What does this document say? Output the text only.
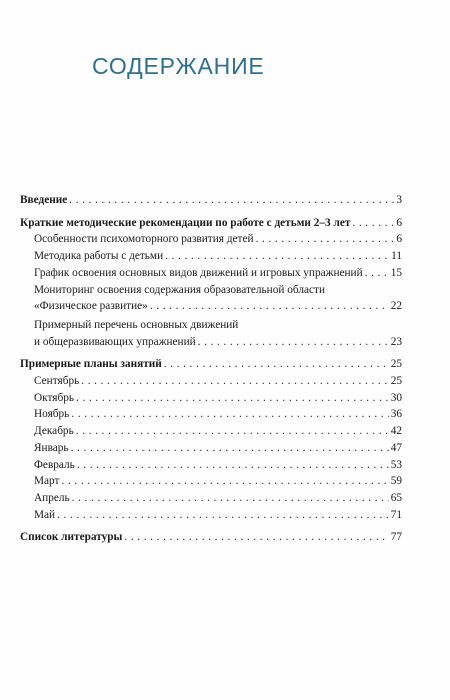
СОДЕРЖАНИЕ
Введение . . .	3
Краткие методические рекомендации по работе с детьми 2–3 лет . . .	6
Особенности психомоторного развития детей . . .	6
Методика работы с детьми . . .	11
График освоения основных видов движений и игровых упражнений . . . 15
Мониторинг освоения содержания образовательной области
«Физическое развитие» . . .	22
Примерный перечень основных движений
и общеразвивающих упражнений . . .	23
Примерные планы занятий . . .	25
Сентябрь . . .	25
Октябрь . . .	30
Ноябрь . . .	36
Декабрь . . .	42
Январь . . .	47
Февраль . . .	53
Март . . .	59
Апрель . . .	65
Май . . .	71
Список литературы . . .	77
